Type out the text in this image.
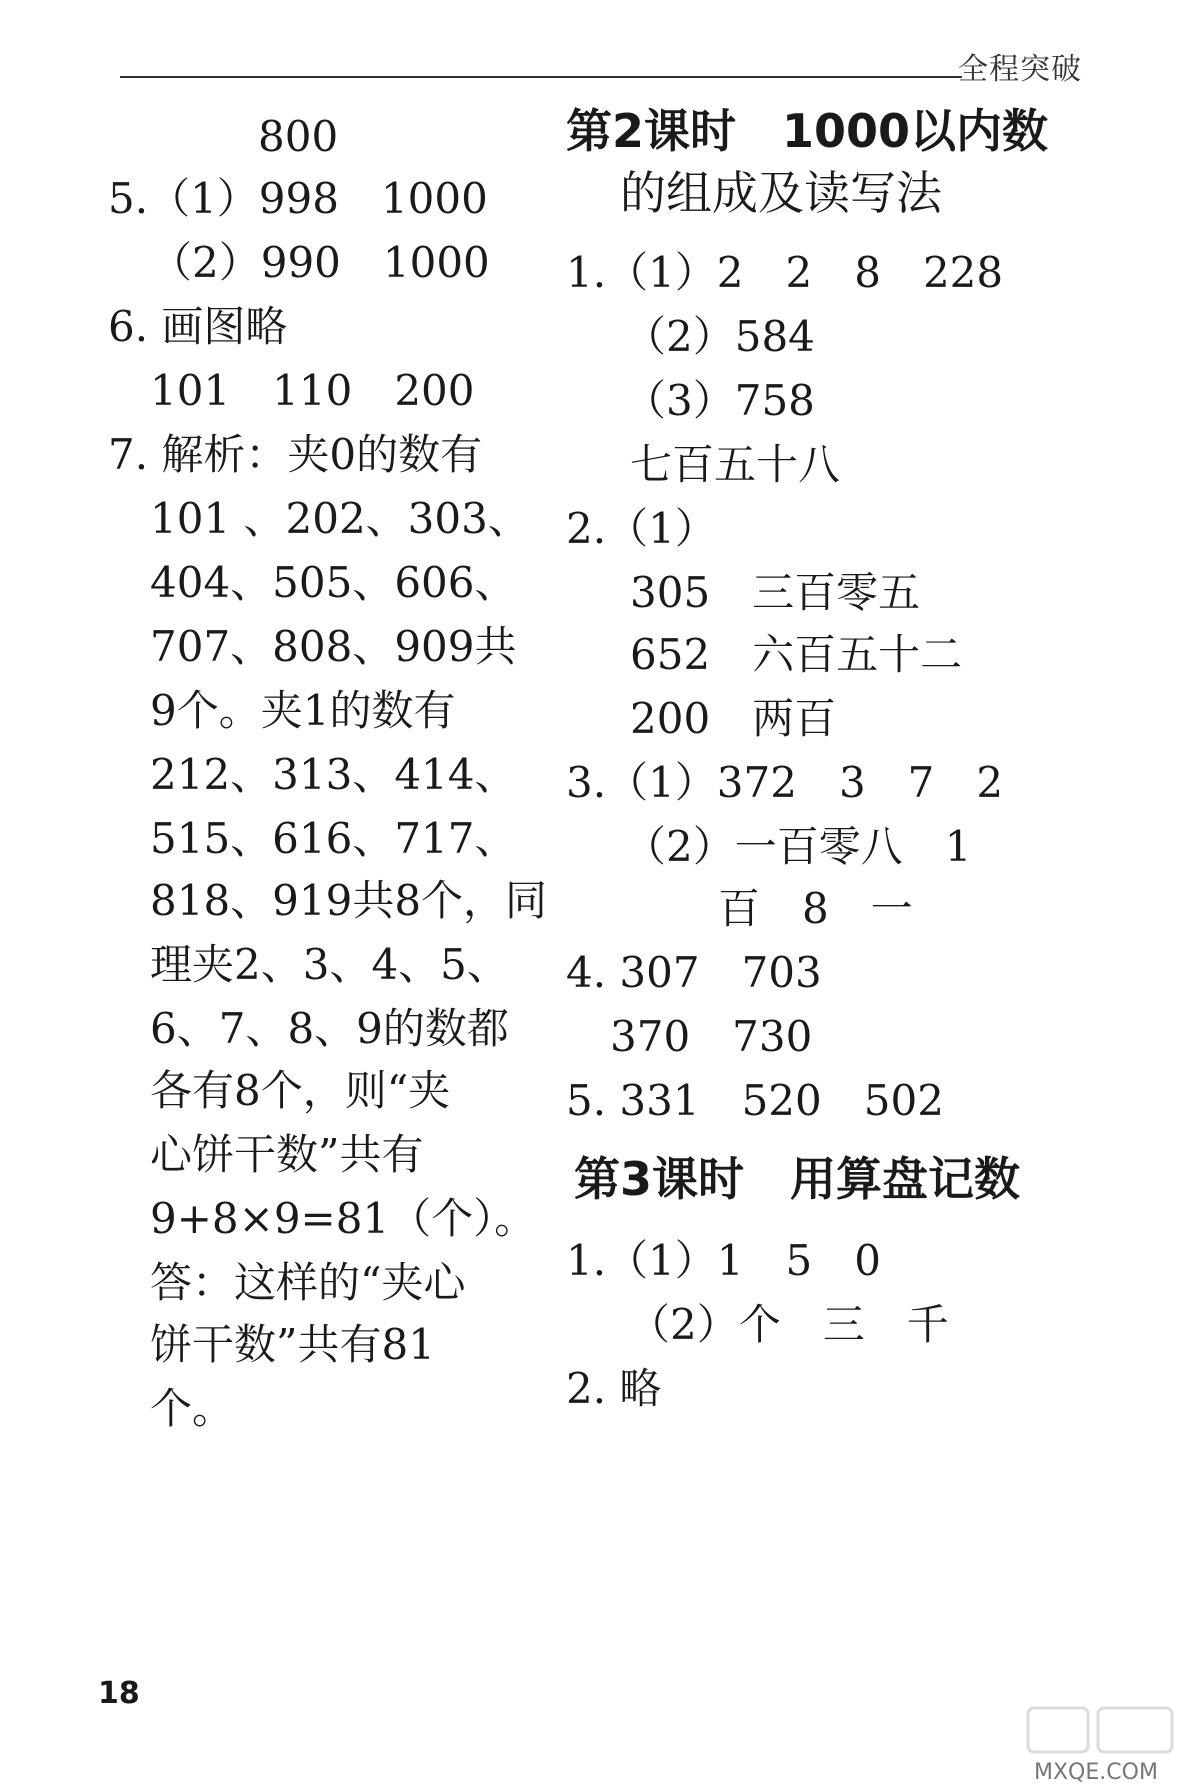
全程突破
800
5.（1）998　1000
（2）990　1000
6. 画图略
101　110　200
7. 解析：夹0的数有
101 、202、303、
404、505、606、
707、808、909共
9个。夹1的数有
212、313、414、
515、616、717、
818、919共8个，同
理夹2、3、4、5、
6、7、8、9的数都
各有8个，则“夹
心饼干数”共有
9+8×9=81（个）。
答：这样的“夹心
饼干数”共有81
个。
第2课时　1000以内数
的组成及读写法
1.（1）2　2　8　228
（2）584
（3）758
七百五十八
2.（1）
305　三百零五
652　六百五十二
200　两百
3.（1）372　3　7　2
（2）一百零八　1
百　8　一
4. 307　703
370　730
5. 331　520　502
第3课时　用算盘记数
1.（1）1　5　0
（2）个　三　千
2. 略
18
MXQE.COM
